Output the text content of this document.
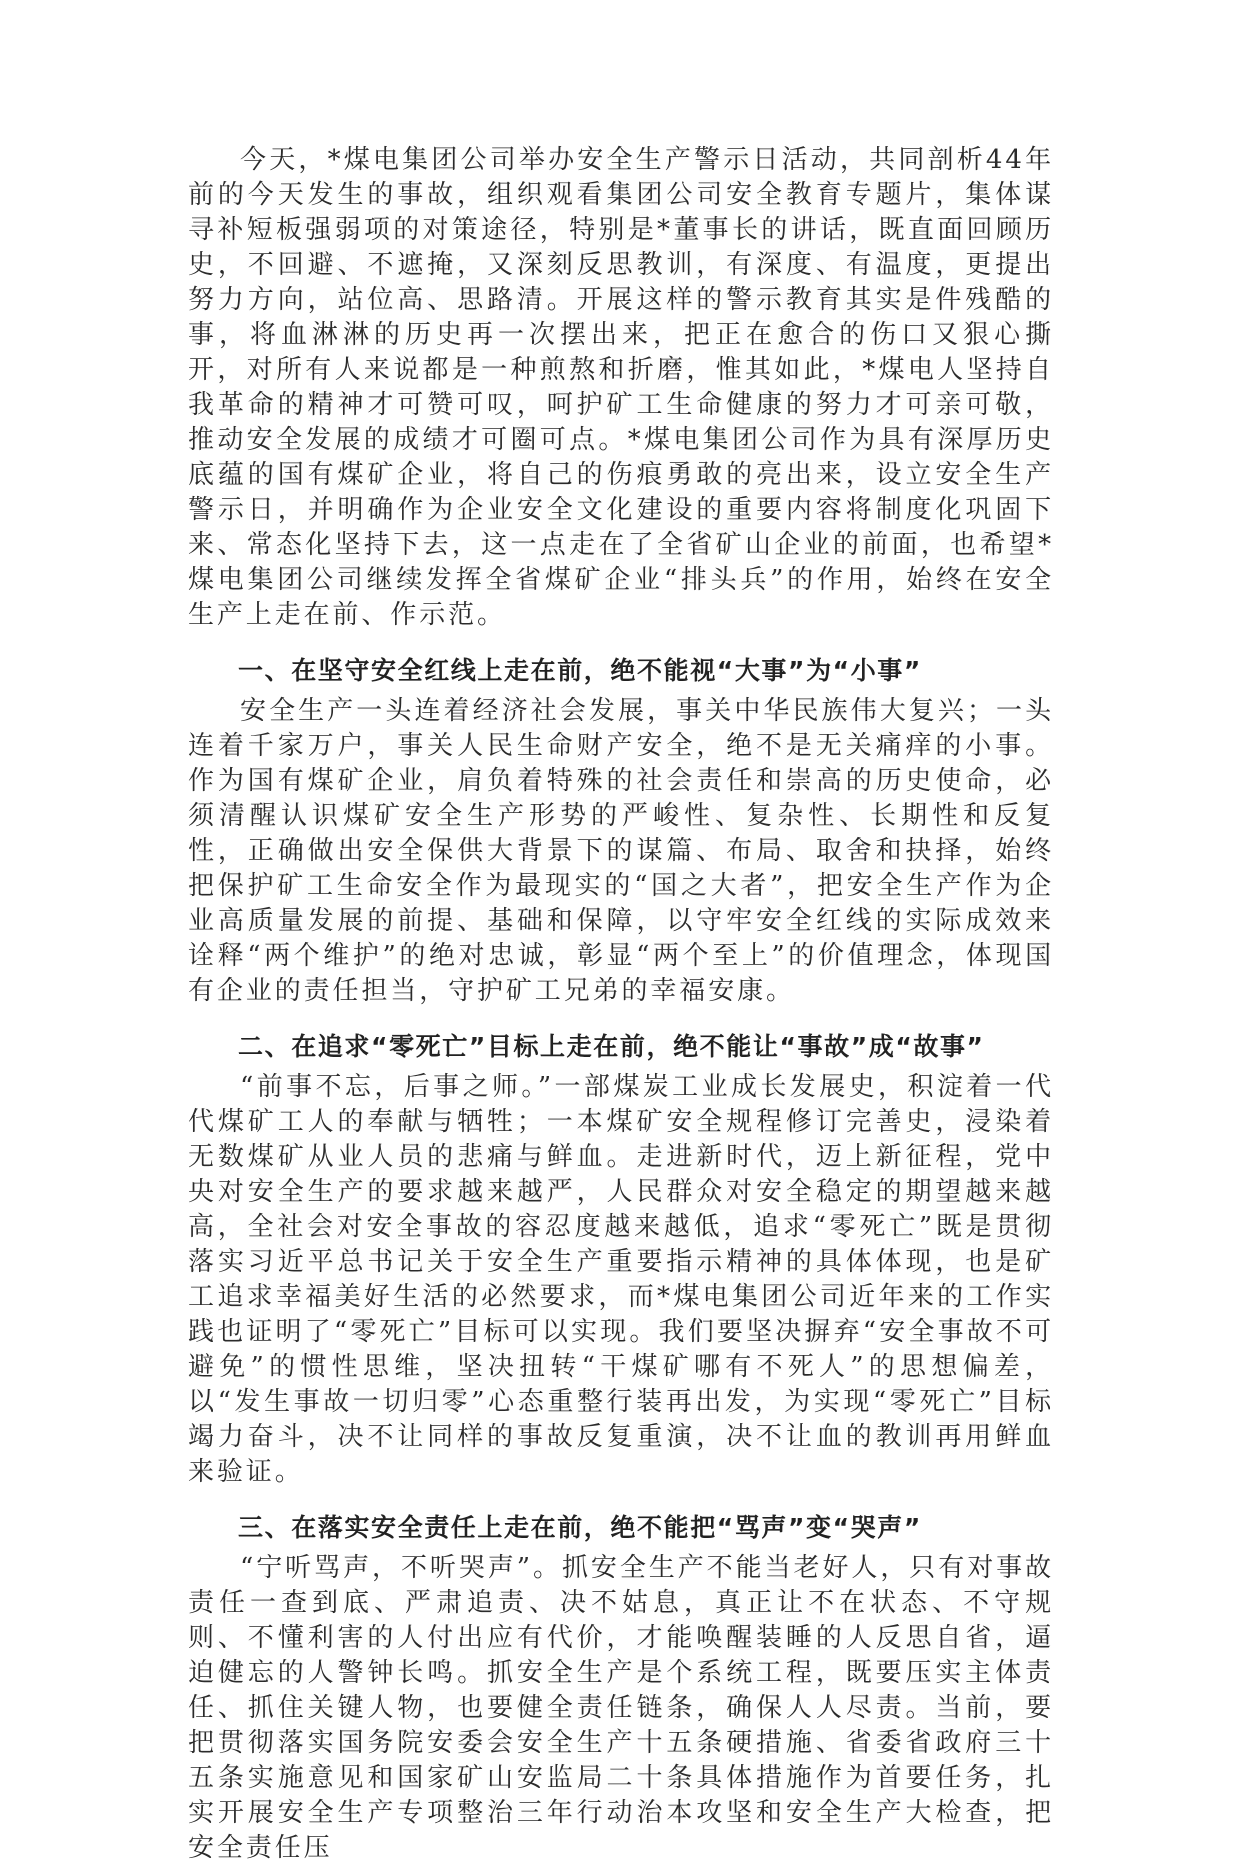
今天，*煤电集团公司举办安全生产警示日活动，共同剖析44年前的今天发生的事故，组织观看集团公司安全教育专题片，集体谋寻补短板强弱项的对策途径，特别是*董事长的讲话，既直面回顾历史，不回避、不遮掩，又深刻反思教训，有深度、有温度，更提出努力方向，站位高、思路清。开展这样的警示教育其实是件残酷的事，将血淋淋的历史再一次摆出来，把正在愈合的伤口又狠心撕开，对所有人来说都是一种煎熬和折磨，惟其如此，*煤电人坚持自我革命的精神才可赞可叹，呵护矿工生命健康的努力才可亲可敬，推动安全发展的成绩才可圈可点。*煤电集团公司作为具有深厚历史底蕴的国有煤矿企业，将自己的伤痕勇敢的亮出来，设立安全生产警示日，并明确作为企业安全文化建设的重要内容将制度化巩固下来、常态化坚持下去，这一点走在了全省矿山企业的前面，也希望*煤电集团公司继续发挥全省煤矿企业“排头兵”的作用，始终在安全生产上走在前、作示范。

一、在坚守安全红线上走在前，绝不能视“大事”为“小事”

安全生产一头连着经济社会发展，事关中华民族伟大复兴；一头连着千家万户，事关人民生命财产安全，绝不是无关痛痒的小事。作为国有煤矿企业，肩负着特殊的社会责任和崇高的历史使命，必须清醒认识煤矿安全生产形势的严峻性、复杂性、长期性和反复性，正确做出安全保供大背景下的谋篇、布局、取舍和抉择，始终把保护矿工生命安全作为最现实的“国之大者”，把安全生产作为企业高质量发展的前提、基础和保障，以守牢安全红线的实际成效来诠释“两个维护”的绝对忠诚，彰显“两个至上”的价值理念，体现国有企业的责任担当，守护矿工兄弟的幸福安康。

二、在追求“零死亡”目标上走在前，绝不能让“事故”成“故事”

“前事不忘，后事之师。”一部煤炭工业成长发展史，积淀着一代代煤矿工人的奉献与牺牲；一本煤矿安全规程修订完善史，浸染着无数煤矿从业人员的悲痛与鲜血。走进新时代，迈上新征程，党中央对安全生产的要求越来越严，人民群众对安全稳定的期望越来越高，全社会对安全事故的容忍度越来越低，追求“零死亡”既是贯彻落实习近平总书记关于安全生产重要指示精神的具体体现，也是矿工追求幸福美好生活的必然要求，而*煤电集团公司近年来的工作实践也证明了“零死亡”目标可以实现。我们要坚决摒弃“安全事故不可避免”的惯性思维，坚决扭转“干煤矿哪有不死人”的思想偏差，以“发生事故一切归零”心态重整行装再出发，为实现“零死亡”目标竭力奋斗，决不让同样的事故反复重演，决不让血的教训再用鲜血来验证。

三、在落实安全责任上走在前，绝不能把“骂声”变“哭声”

“宁听骂声，不听哭声”。抓安全生产不能当老好人，只有对事故责任一查到底、严肃追责、决不姑息，真正让不在状态、不守规则、不懂利害的人付出应有代价，才能唤醒装睡的人反思自省，逼迫健忘的人警钟长鸣。抓安全生产是个系统工程，既要压实主体责任、抓住关键人物，也要健全责任链条，确保人人尽责。当前，要把贯彻落实国务院安委会安全生产十五条硬措施、省委省政府三十五条实施意见和国家矿山安监局二十条具体措施作为首要任务，扎实开展安全生产专项整治三年行动治本攻坚和安全生产大检查，把安全责任压
